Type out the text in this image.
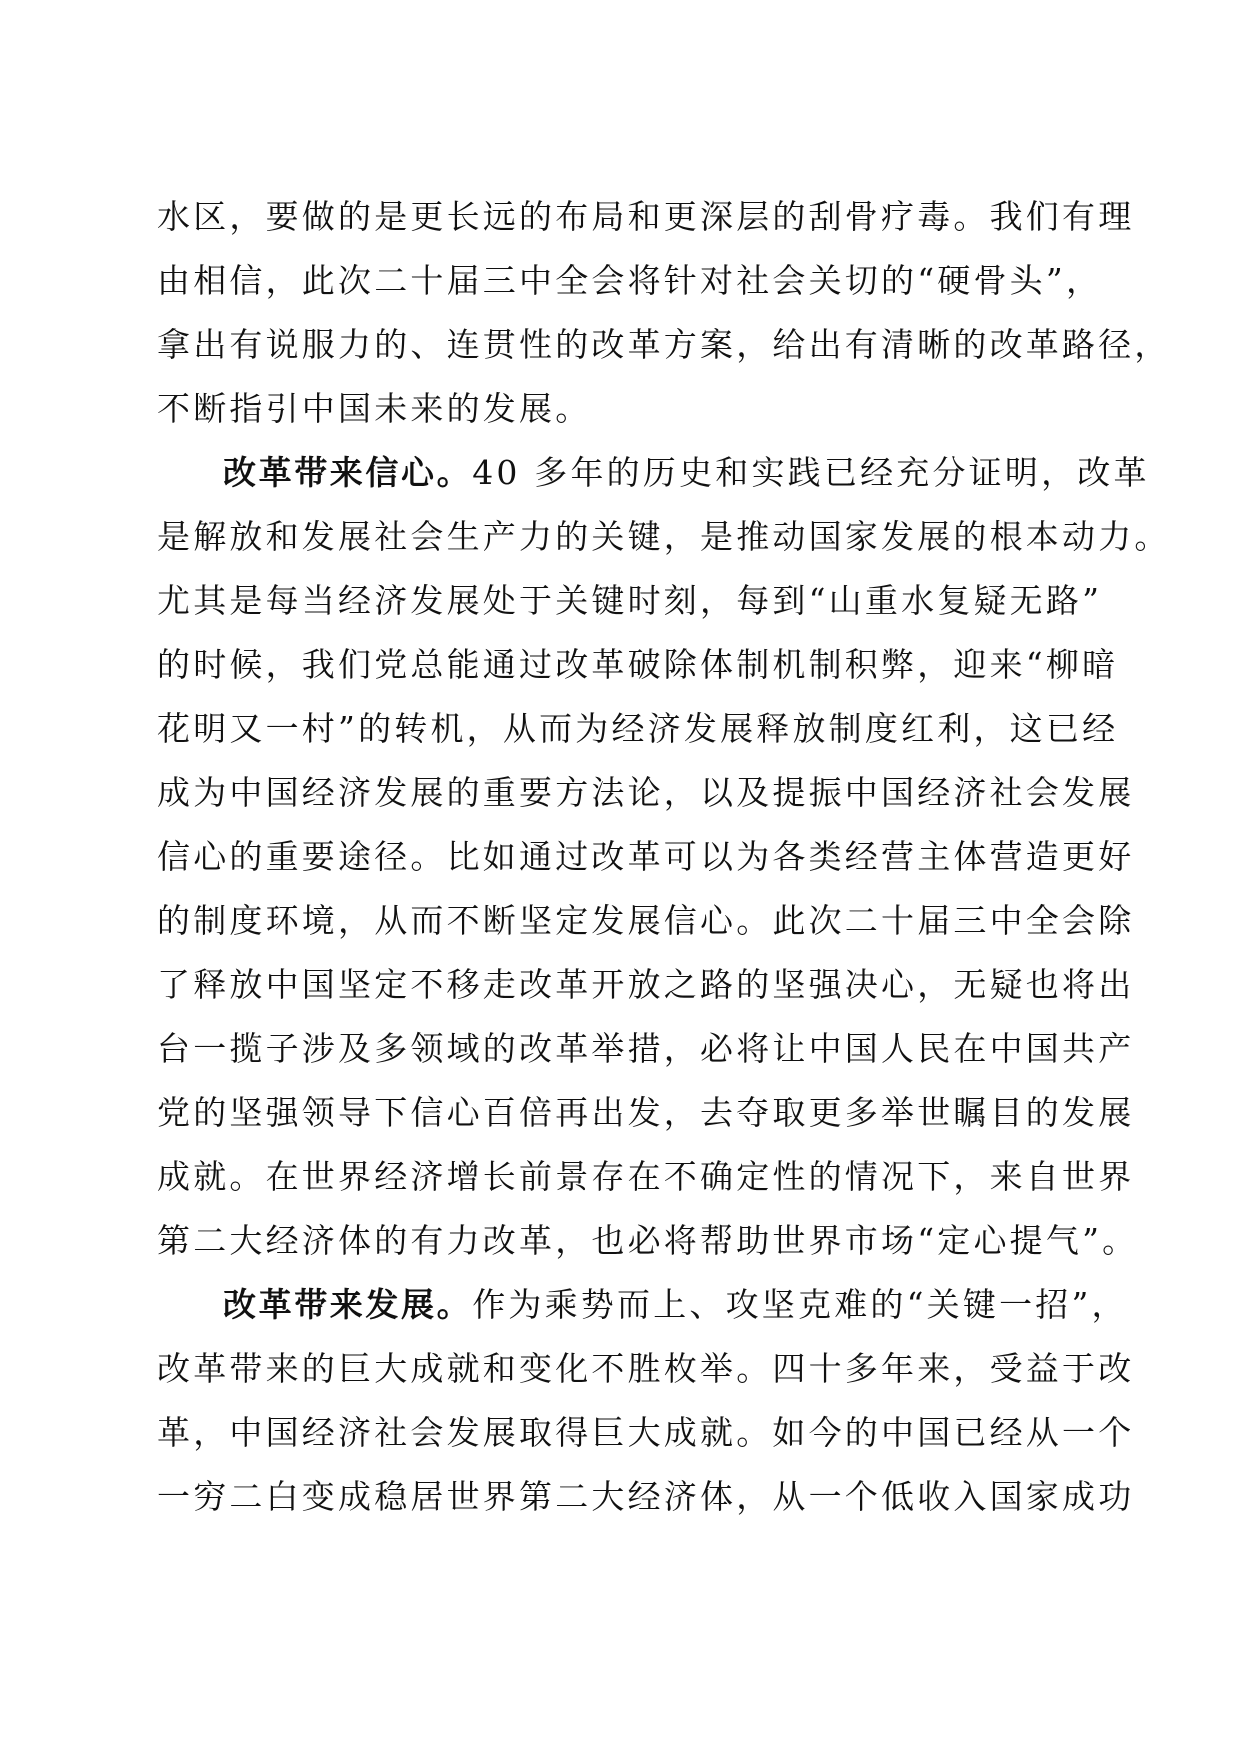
水区，要做的是更长远的布局和更深层的刮骨疗毒。我们有理
由相信，此次二十届三中全会将针对社会关切的“硬骨头”，
拿出有说服力的、连贯性的改革方案，给出有清晰的改革路径，
不断指引中国未来的发展。
改革带来信心。40 多年的历史和实践已经充分证明，改革
是解放和发展社会生产力的关键，是推动国家发展的根本动力。
尤其是每当经济发展处于关键时刻，每到“山重水复疑无路”
的时候，我们党总能通过改革破除体制机制积弊，迎来“柳暗
花明又一村”的转机，从而为经济发展释放制度红利，这已经
成为中国经济发展的重要方法论，以及提振中国经济社会发展
信心的重要途径。比如通过改革可以为各类经营主体营造更好
的制度环境，从而不断坚定发展信心。此次二十届三中全会除
了释放中国坚定不移走改革开放之路的坚强决心，无疑也将出
台一揽子涉及多领域的改革举措，必将让中国人民在中国共产
党的坚强领导下信心百倍再出发，去夺取更多举世瞩目的发展
成就。在世界经济增长前景存在不确定性的情况下，来自世界
第二大经济体的有力改革，也必将帮助世界市场“定心提气”。
改革带来发展。作为乘势而上、攻坚克难的“关键一招”，
改革带来的巨大成就和变化不胜枚举。四十多年来，受益于改
革，中国经济社会发展取得巨大成就。如今的中国已经从一个
一穷二白变成稳居世界第二大经济体，从一个低收入国家成功
